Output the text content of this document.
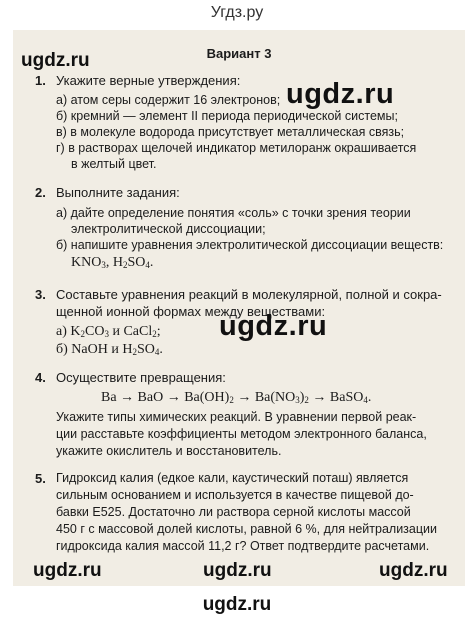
Угдз.ру
Вариант 3
1. Укажите верные утверждения:

а) атом серы содержит 16 электронов;

б) кремний — элемент II периода периодической системы;

в) в молекуле водорода присутствует металлическая связь;

г) в растворах щелочей индикатор метилоранж окрашивается

в желтый цвет.

2. Выполните задания:

а) дайте определение понятия «соль» с точки зрения теории

электролитической диссоциации;

б) напишите уравнения электролитической диссоциации веществ:

$KNO_3$, $H_2SO_4$.
3. Составьте уравнения реакций в молекулярной, полной и сокра-

щенной ионной формах между веществами:

а) $K_2CO_3$ и CaCl$_2$;
б) NaOH и $H_2SO_4$.
4. Осуществите превращения:

Ba → BaO → $Ba(OH)_2 \to Ba(NO_3)_2$ → BaSO$_4$.

Укажите типы химических реакций. В уравнении первой реак-

ции расставьте коэффициенты методом электронного баланса,

укажите окислитель и восстановитель.

5. Гидроксид калия (едкое кали, каустический поташ) является

сильным основанием и используется в качестве пищевой до-

бавки Е525. Достаточно ли раствора серной кислоты массой

450 г с массовой долей кислоты, равной 6 %, для нейтрализации

гидроксида калия массой 11,2 г? Ответ подтвердите расчетами.

ugdz.ru
ugdz.ru
ugdz.ru
ugdz.ru	ugdz.ru	ugdz.ru
ugdz.ru
